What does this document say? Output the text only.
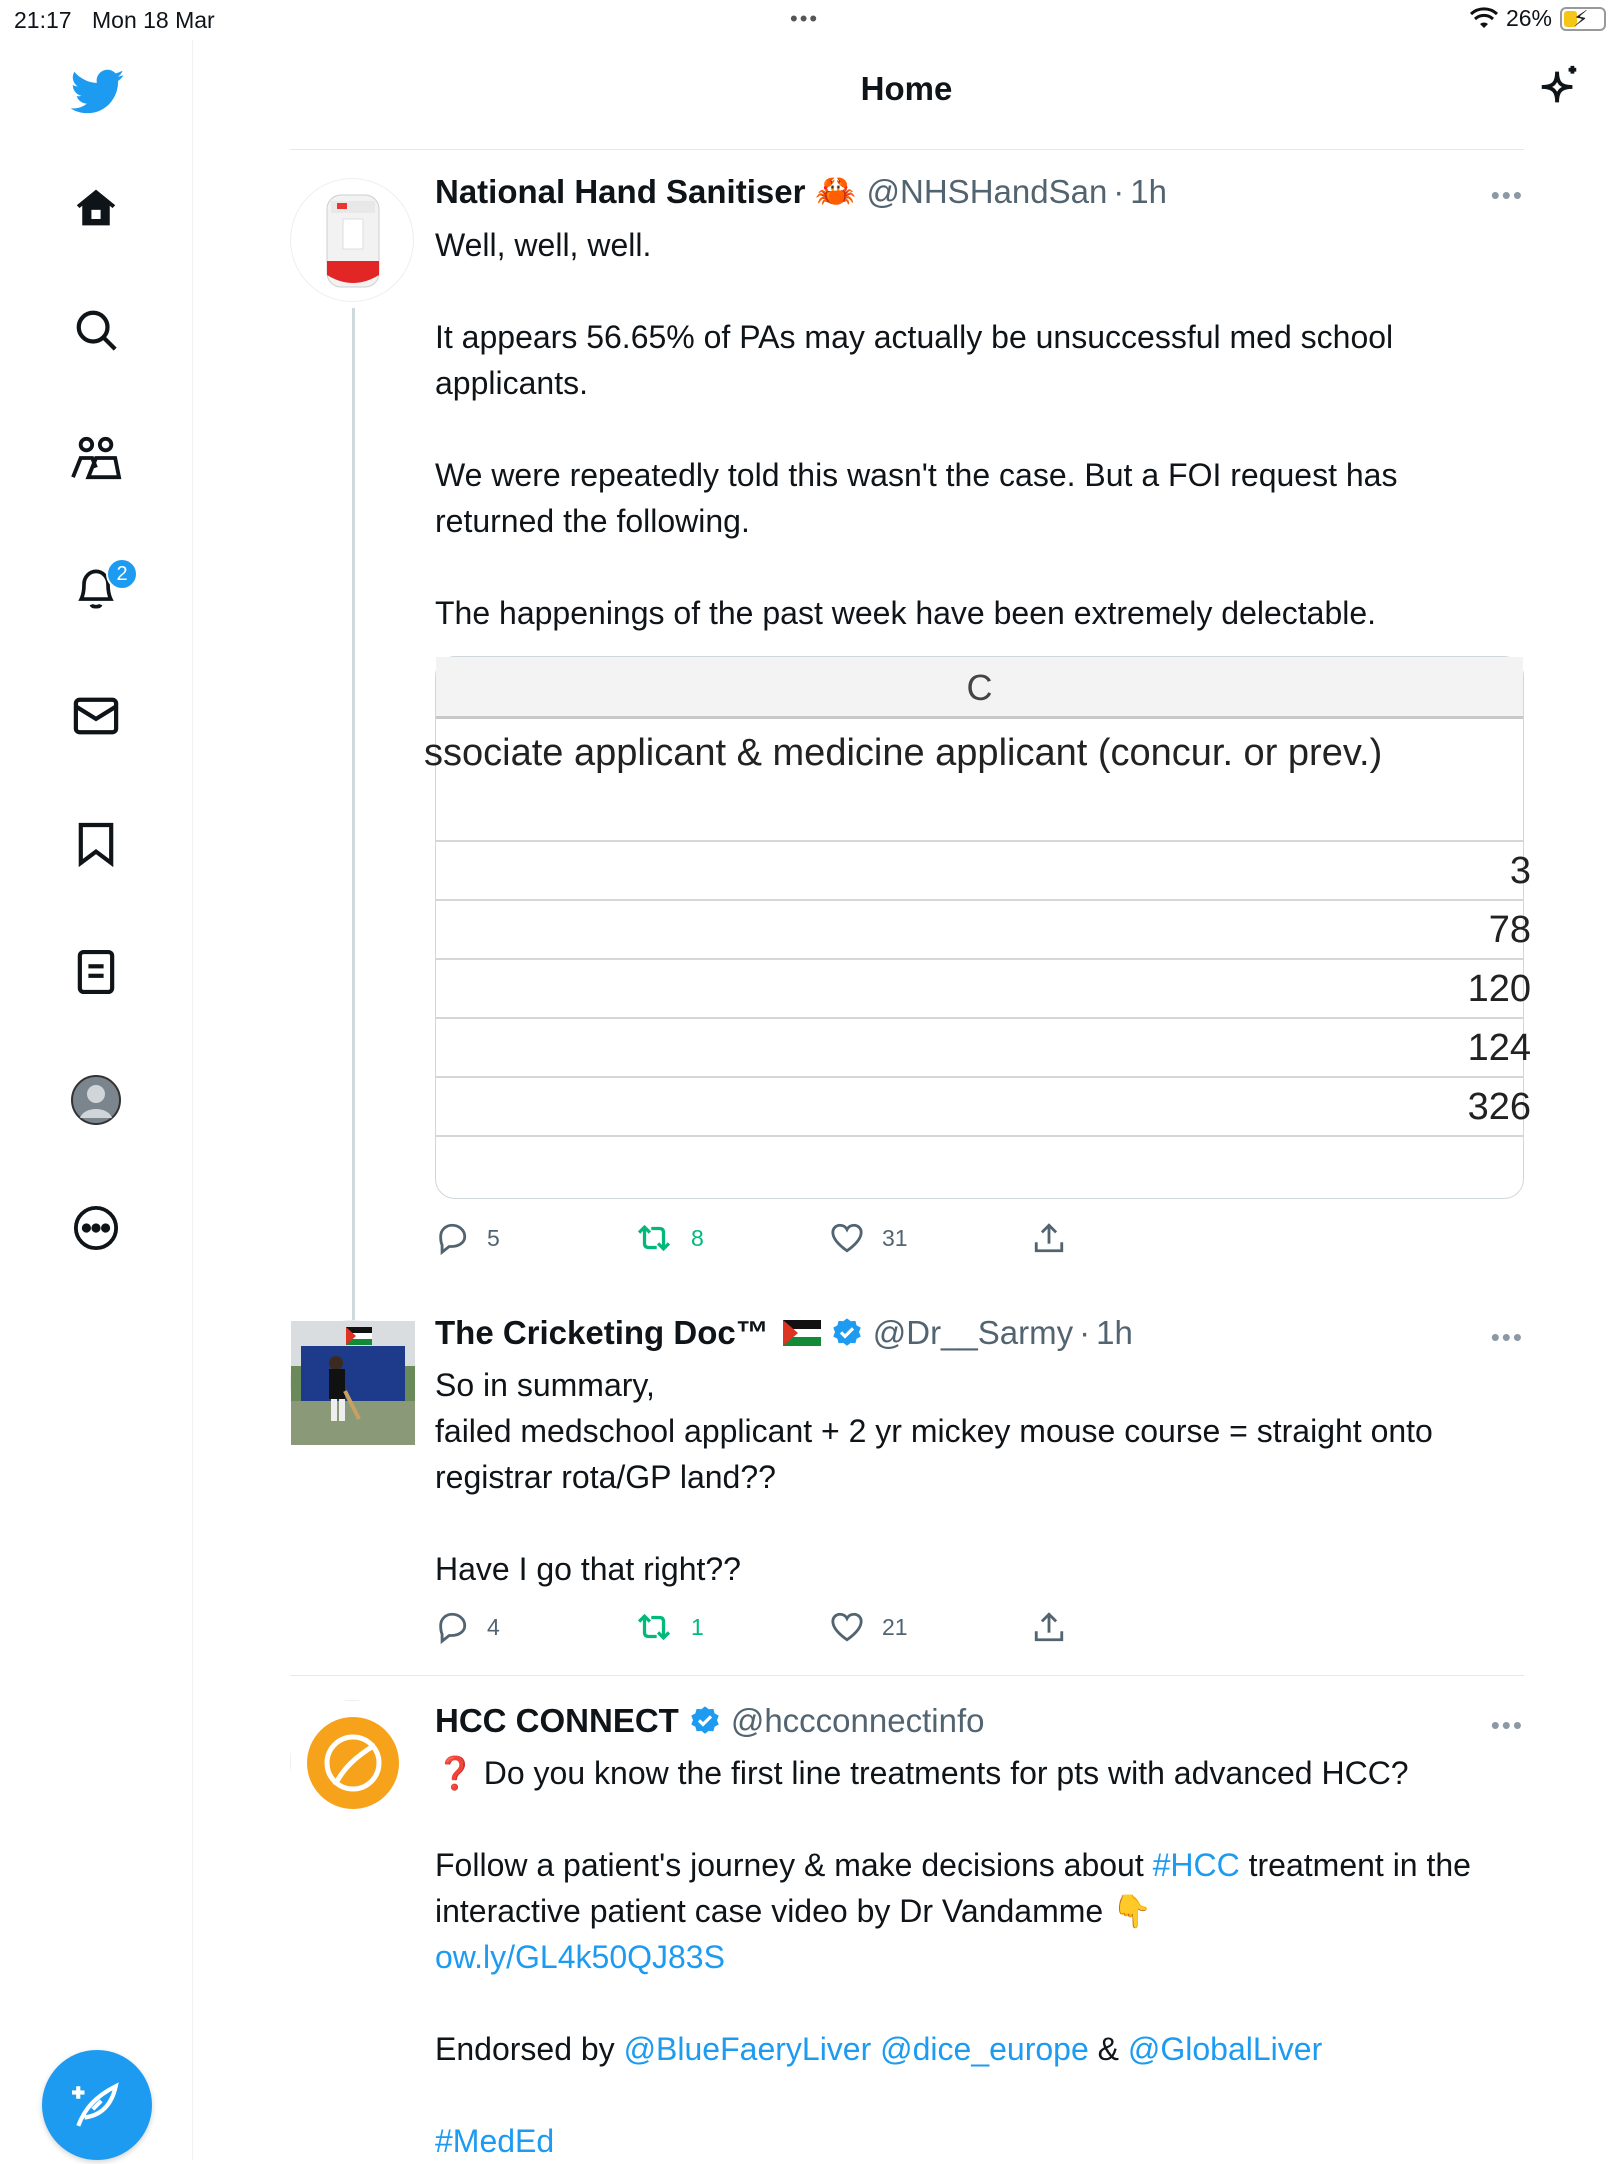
21:17 Mon 18 Mar	•••	26% ⚡
2
Home
National Hand Sanitiser 🦀 @NHSHandSan · 1h	•••

Well, well, well.

It appears 56.65% of PAs may actually be unsuccessful med school applicants.

We were repeatedly told this wasn't the case. But a FOI request has returned the following.

The happenings of the past week have been extremely delectable.

C
ssociate applicant & medicine applicant (concur. or prev.)
3
78
120
124
326
5	8	31
The Cricketing Doc™	@Dr__Sarmy · 1h	•••

So in summary,

failed medschool applicant + 2 yr mickey mouse course = straight onto registrar rota/GP land??

Have I go that right??

4	1	21
HCC CONNECT @hccconnectinfo	•••

❓ Do you know the first line treatments for pts with advanced HCC?

Follow a patient's journey & make decisions about #HCC treatment in the interactive patient case video by Dr Vandamme 👇
ow.ly/GL4k50QJ83S

Endorsed by @BlueFaeryLiver @dice_europe & @GlobalLiver

#MedEd
